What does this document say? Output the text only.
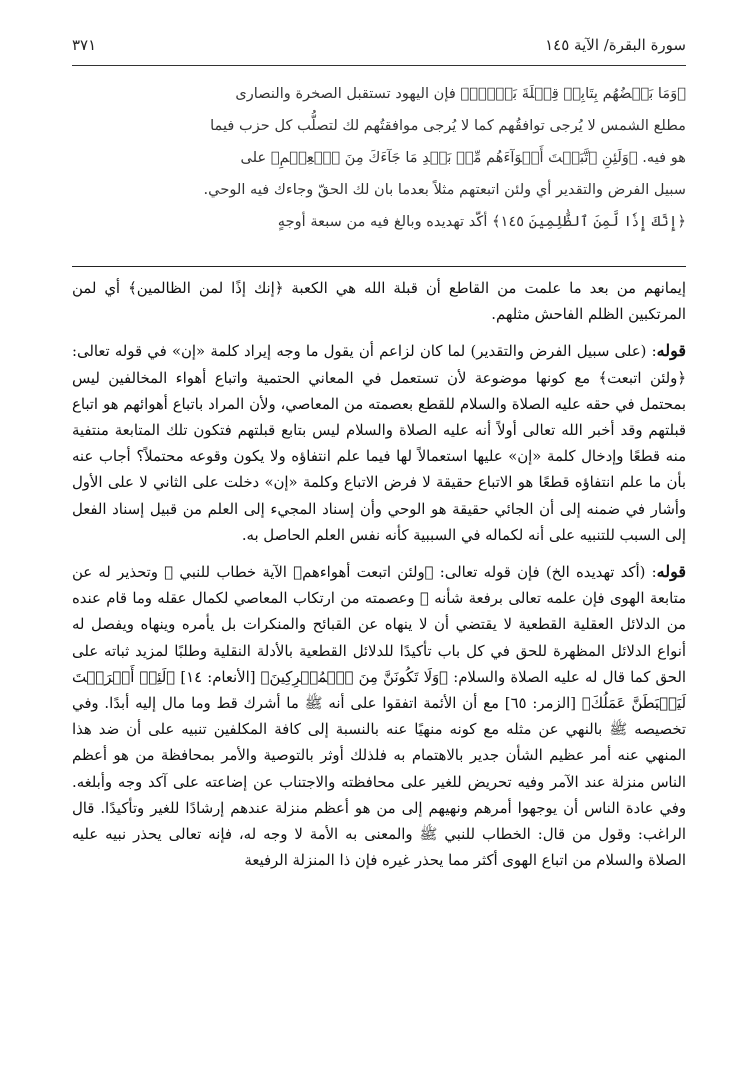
سورة البقرة/ الآية ١٤٥
٣٧١

﴿وَمَا بَعۡضُهُم بِتَابِعٖ قِبۡلَةَ بَعۡضٖۚ﴾ فإن اليهود تستقبل الصخرة والنصارى

مطلع الشمس لا يُرجى توافقُهم كما لا يُرجى موافقتُهم لك لتصلُّب كل حزب فيما

هو فيه. ﴿وَلَئِنِ ٱتَّبَعۡتَ أَهۡوَآءَهُم مِّنۢ بَعۡدِ مَا جَآءَكَ مِنَ ٱلۡعِلۡمِ﴾ على

سبيل الفرض والتقدير أي ولئن اتبعتهم مثلاً بعدما بان لك الحقّ وجاءك فيه الوحي.

﴿إِنَّكَ إِذٗا لَّمِنَ ٱلظَّٰلِمِينَ ١٤٥﴾ أكّد تهديده وبالغ فيه من سبعة أوجهٍ

إيمانهم من بعد ما علمت من القاطع أن قبلة الله هي الكعبة ﴿إنك إذًا لمن الظالمين﴾ أي لمن المرتكبين الظلم الفاحش مثلهم.

قوله: (على سبيل الفرض والتقدير) لما كان لزاعم أن يقول ما وجه إيراد كلمة «إن» في قوله تعالى: ﴿ولئن اتبعت﴾ مع كونها موضوعة لأن تستعمل في المعاني الحتمية واتباع أهواء المخالفين ليس بمحتمل في حقه عليه الصلاة والسلام للقطع بعصمته من المعاصي، ولأن المراد باتباع أهوائهم هو اتباع قبلتهم وقد أخبر الله تعالى أولاً أنه عليه الصلاة والسلام ليس بتابع قبلتهم فتكون تلك المتابعة منتفية منه قطعًا وإدخال كلمة «إن» عليها استعمالاً لها فيما علم انتفاؤه ولا يكون وقوعه محتملاً؟ أجاب عنه بأن ما علم انتفاؤه قطعًا هو الاتباع حقيقة لا فرض الاتباع وكلمة «إن» دخلت على الثاني لا على الأول وأشار في ضمنه إلى أن الجائي حقيقة هو الوحي وأن إسناد المجيء إلى العلم من قبيل إسناد الفعل إلى السبب للتنبيه على أنه لكماله في السببية كأنه نفس العلم الحاصل به.

قوله: (أكد تهديده الخ) فإن قوله تعالى: ﴿ولئن اتبعت أهواءهم﴾ الآية خطاب للنبي ﷺ وتحذير له عن متابعة الهوى فإن علمه تعالى برفعة شأنه ﷺ وعصمته من ارتكاب المعاصي لكمال عقله وما قام عنده من الدلائل العقلية القطعية لا يقتضي أن لا ينهاه عن القبائح والمنكرات بل يأمره وينهاه ويفصل له أنواع الدلائل المظهرة للحق في كل باب تأكيدًا للدلائل القطعية بالأدلة النقلية وطلبًا لمزيد ثباته على الحق كما قال له عليه الصلاة والسلام: ﴿وَلَا تَكُونَنَّ مِنَ ٱلۡمُشۡرِكِينَ﴾ [الأنعام: ١٤] ﴿لَئِنۡ أَشۡرَكۡتَ لَيَحۡبَطَنَّ عَمَلُكَ﴾ [الزمر: ٦٥] مع أن الأئمة اتفقوا على أنه ﷺ ما أشرك قط وما مال إليه أبدًا. وفي تخصيصه ﷺ بالنهي عن مثله مع كونه منهيًا عنه بالنسبة إلى كافة المكلفين تنبيه على أن ضد هذا المنهي عنه أمر عظيم الشأن جدير بالاهتمام به فلذلك أوثر بالتوصية والأمر بمحافظة من هو أعظم الناس منزلة عند الآمر وفيه تحريض للغير على محافظته والاجتناب عن إضاعته على آكد وجه وأبلغه. وفي عادة الناس أن يوجهوا أمرهم ونهيهم إلى من هو أعظم منزلة عندهم إرشادًا للغير وتأكيدًا. قال الراغب: وقول من قال: الخطاب للنبي ﷺ والمعنى به الأمة لا وجه له، فإنه تعالى يحذر نبيه عليه الصلاة والسلام من اتباع الهوى أكثر مما يحذر غيره فإن ذا المنزلة الرفيعة
